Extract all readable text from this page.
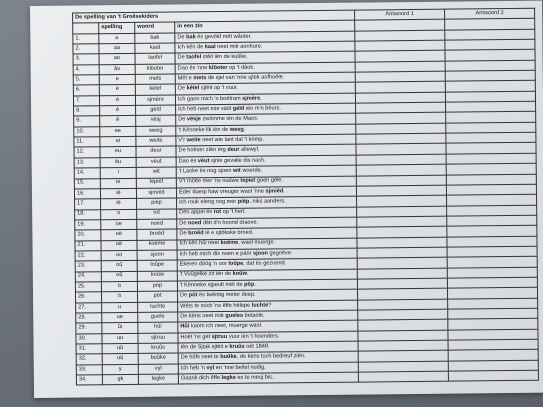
De spelling van 't Groêsekiders				Antwoord 1	Antwoord 2
	spelling	woord	in een zin		
1.	a	bak	De bak ës gevöld mët wåoter.		
2.	aa	kaal	Ich kën de kaal neet mië aonhure.		
3.	ao	taofel	De taofel stèit ién de kuûke.		
4.	åo	klöoter	Dao ës 'nne klöoter op 't dâok.		
5.	e	mets	Mét e mets de sjel van 'nne sjtek aofhoële.		
6.	ë	kètel	De kètel sjtèit op 't vuur.		
7.	é	sjmère	Ich gaon mich 'n boëtram sjmère.		
8.	è	géld	Ich heb neet mie väöl géld ién m'n bëurs.		
9.	ê	vësj	De vësje zwömme ién de Maos.		
10.	ee	weeg	't Kënneke lik ién de weeg.		
11.	ei	weite	V'r weite neet wie laot dat 't kömp.		
12.	eu	deur	De hoëser ziën érg deur allewyl.		
13.	èu	vèut	Dao ës vèut sjnie gevalle dis nach.		
14.	i	wit	't Laoke ës nog sjoen wit woerde.		
15.	ie	tepiet	V'r mötte mer 'ns nuûwe tepiet goën gële.		
16.	ié	sjmiéd	Eder duerp haw vreuger waol 'nne sjmiéd.		
17.	ië	piëp	Ich rouk eleng nog mer piëp, niks aanders.		
18.	o	rot	Dèn appel ës rot op 't hert.		
19.	oe	noed	De noed dèit d'n hoond draove.		
20.	oë	broëd	De broëd ië e sjtökske broed.		
21.	oë	koëme	Ich kën hûi neet koëme, waol muerge.		
22.	oo	sjoon	Ich heb mich dis noen e päör sjoon gegoëve.		
23.	oû	loûpe	Ekeren döög 'n oor loûpe, dat ës gezoend.		
24.	oû	koûw	't Vuûgelke zit ién de koûw.		
25.	ö	pöp	't Kënneke sjpeult mët de pöp.		
26.	ö	pöt	De pöt ës twëntig meter deep.		
27.	u	luchte	Wéts te mich 'ns êffe hëlepe luchte?		
28.	ue	guele	De këns neet mië gueles betaole.		
29.	ûi	hûi	Hûi kaom ich neet, muerge waol.		
30.	uu	sjtruu	Hoët 'ns get sjtruu vuur ién 't hoenders.		
31.	uû	kruûs	Ién de Sjtak sjtèit e kruûs oët 1848.		
32.	uû	buûke	De höfs neet te buûke, de këns toch bedreuf ziën.		
33.	y	vyl	Ich heb 'n vyl en 'nne beitel nudig.		
34.	gk	legke	Gaank dich êffe legke es te meuj bis.		
